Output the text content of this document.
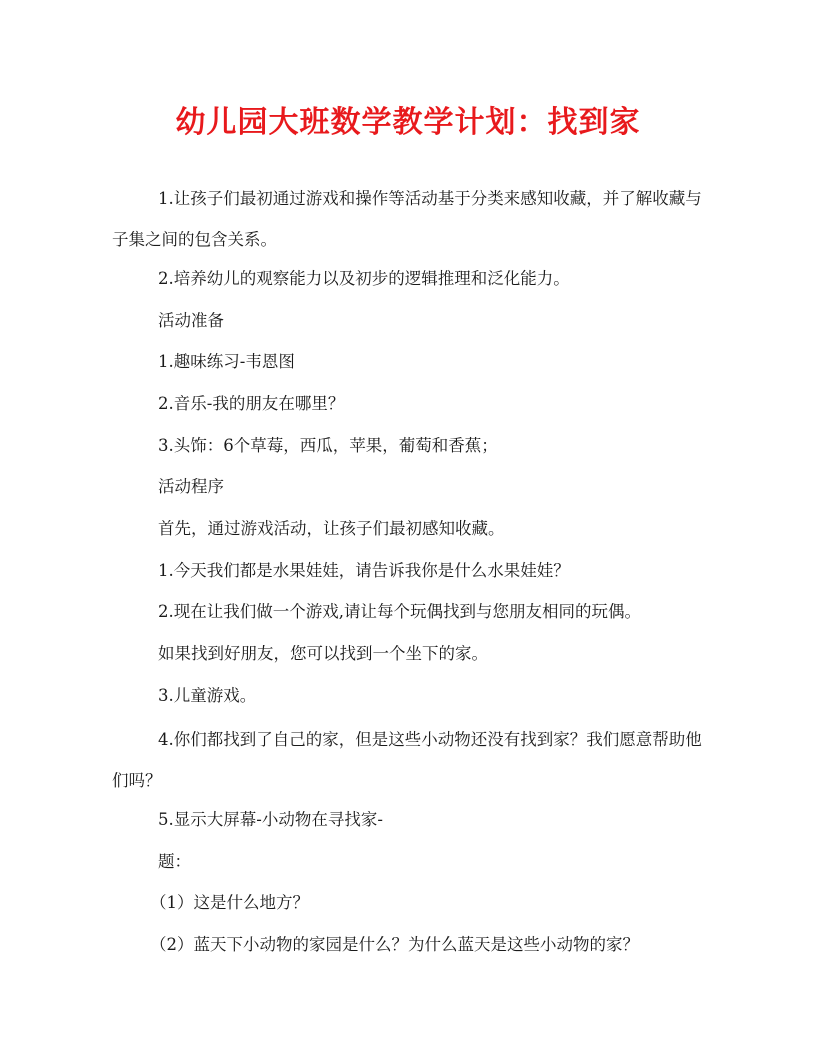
幼儿园大班数学教学计划：找到家

1.让孩子们最初通过游戏和操作等活动基于分类来感知收藏，并了解收藏与子集之间的包含关系。

2.培养幼儿的观察能力以及初步的逻辑推理和泛化能力。

活动准备

1.趣味练习-韦恩图

2.音乐-我的朋友在哪里？

3.头饰：6个草莓，西瓜，苹果，葡萄和香蕉；

活动程序

首先，通过游戏活动，让孩子们最初感知收藏。

1.今天我们都是水果娃娃，请告诉我你是什么水果娃娃？

2.现在让我们做一个游戏,请让每个玩偶找到与您朋友相同的玩偶。

如果找到好朋友，您可以找到一个坐下的家。

3.儿童游戏。

4.你们都找到了自己的家，但是这些小动物还没有找到家？我们愿意帮助他们吗？

5.显示大屏幕-小动物在寻找家-

题：

（1）这是什么地方？

（2）蓝天下小动物的家园是什么？为什么蓝天是这些小动物的家？
